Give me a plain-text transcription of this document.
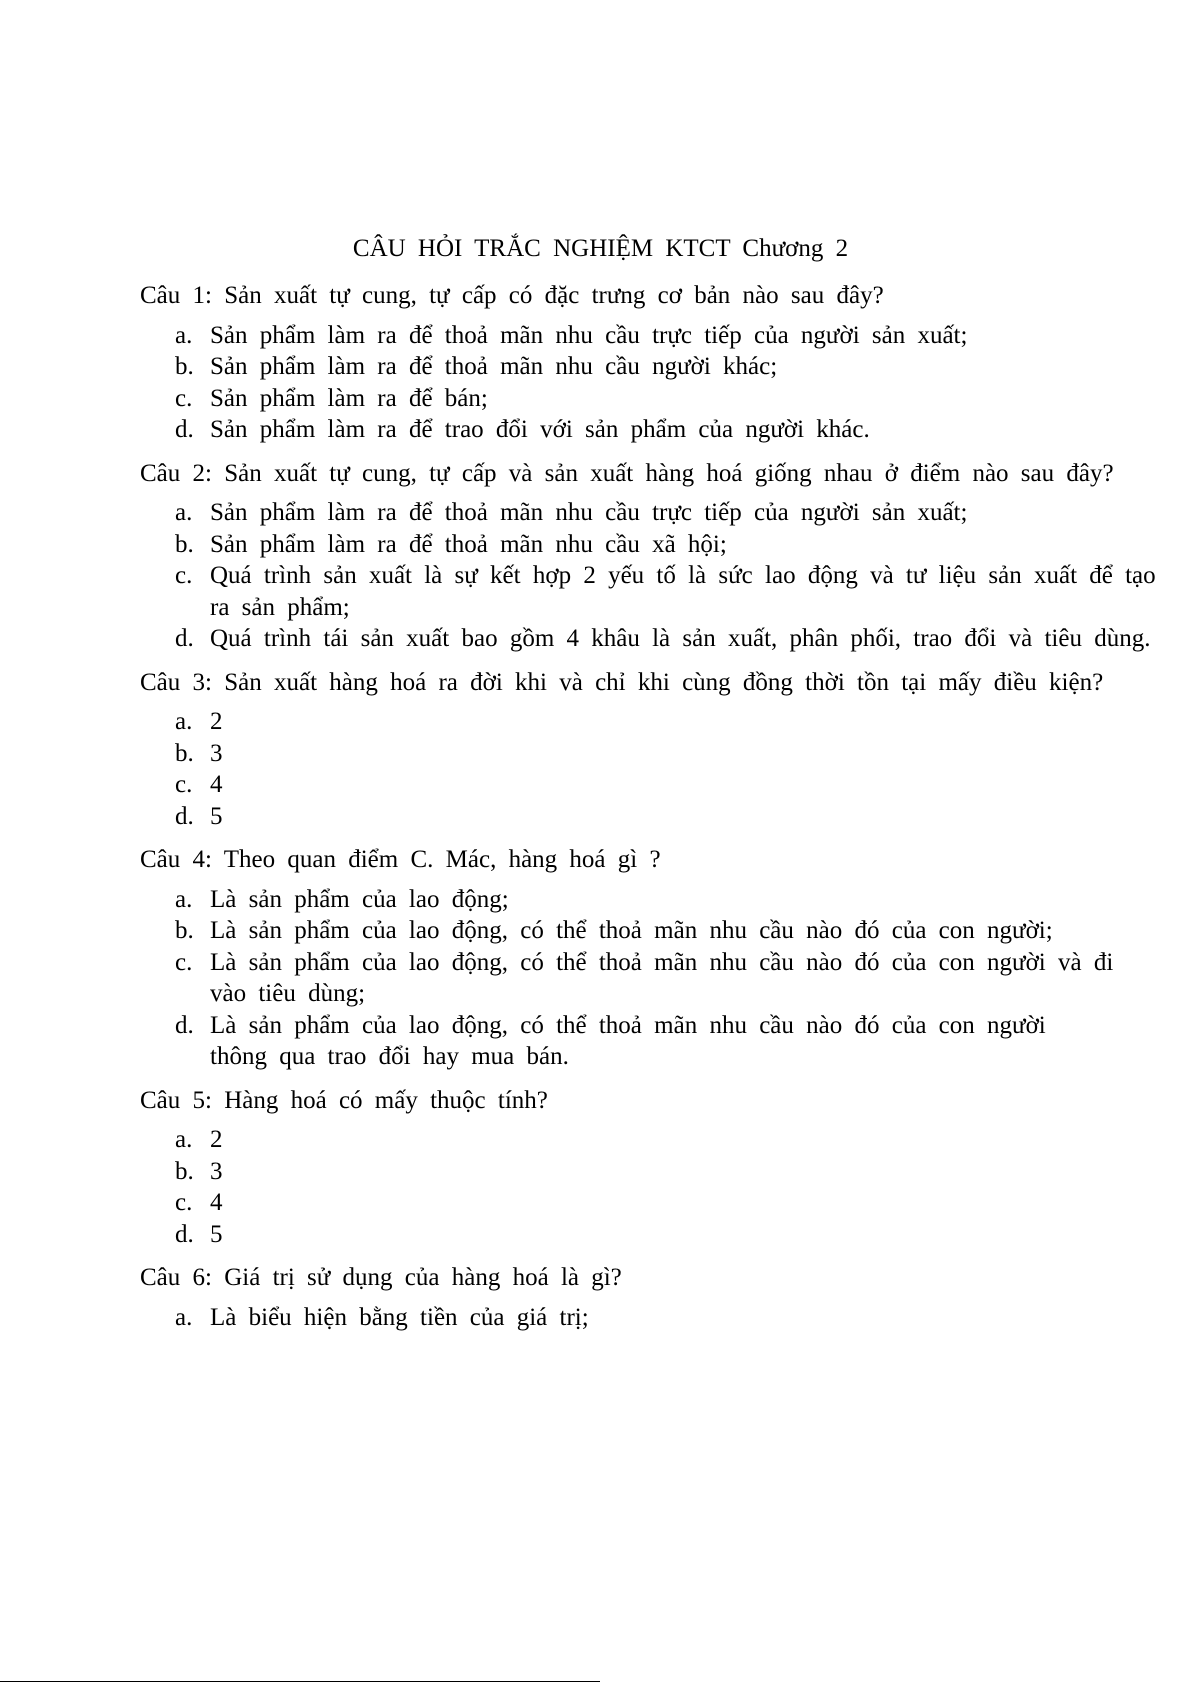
CÂU HỎI TRẮC NGHIỆM KTCT Chương 2

Câu 1: Sản xuất tự cung, tự cấp có đặc trưng cơ bản nào sau đây?

a. Sản phẩm làm ra để thoả mãn nhu cầu trực tiếp của người sản xuất;
b. Sản phẩm làm ra để thoả mãn nhu cầu người khác;
c. Sản phẩm làm ra để bán;
d. Sản phẩm làm ra để trao đổi với sản phẩm của người khác.

Câu 2: Sản xuất tự cung, tự cấp và sản xuất hàng hoá giống nhau ở điểm nào sau đây?

a. Sản phẩm làm ra để thoả mãn nhu cầu trực tiếp của người sản xuất;
b. Sản phẩm làm ra để thoả mãn nhu cầu xã hội;
c. Quá trình sản xuất là sự kết hợp 2 yếu tố là sức lao động và tư liệu sản xuất để tạo ra sản phẩm;
d. Quá trình tái sản xuất bao gồm 4 khâu là sản xuất, phân phối, trao đổi và tiêu dùng.

Câu 3: Sản xuất hàng hoá ra đời khi và chỉ khi cùng đồng thời tồn tại mấy điều kiện?

a. 2
b. 3
c. 4
d. 5

Câu 4: Theo quan điểm C. Mác, hàng hoá gì ?

a. Là sản phẩm của lao động;
b. Là sản phẩm của lao động, có thể thoả mãn nhu cầu nào đó của con người;
c. Là sản phẩm của lao động, có thể thoả mãn nhu cầu nào đó của con người và đi vào tiêu dùng;
d. Là sản phẩm của lao động, có thể thoả mãn nhu cầu nào đó của con người thông qua trao đổi hay mua bán.

Câu 5: Hàng hoá có mấy thuộc tính?

a. 2
b. 3
c. 4
d. 5

Câu 6: Giá trị sử dụng của hàng hoá là gì?

a. Là biểu hiện bằng tiền của giá trị;
